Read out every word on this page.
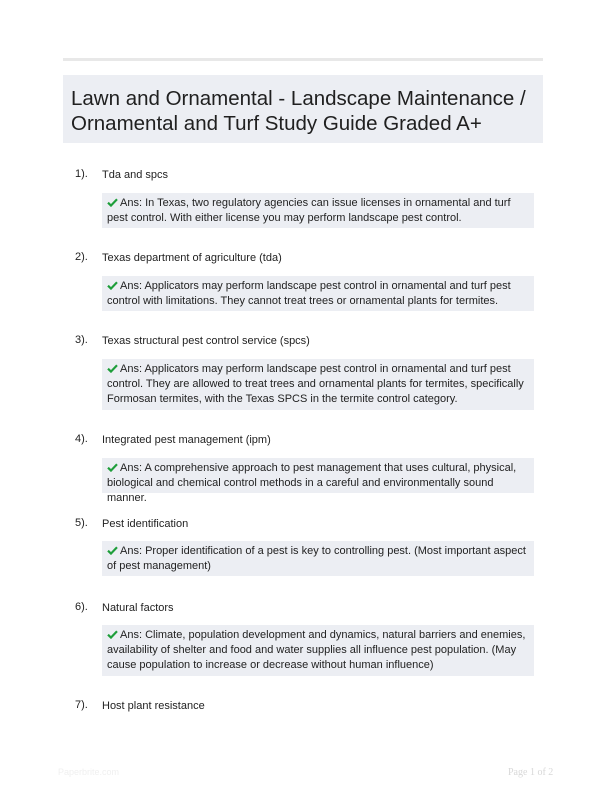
Lawn and Ornamental - Landscape Maintenance / Ornamental and Turf Study Guide Graded A+
1). Tda and spcs
Ans: In Texas, two regulatory agencies can issue licenses in ornamental and turf pest control. With either license you may perform landscape pest control.
2). Texas department of agriculture (tda)
Ans: Applicators may perform landscape pest control in ornamental and turf pest control with limitations. They cannot treat trees or ornamental plants for termites.
3). Texas structural pest control service (spcs)
Ans: Applicators may perform landscape pest control in ornamental and turf pest control. They are allowed to treat trees and ornamental plants for termites, specifically Formosan termites, with the Texas SPCS in the termite control category.
4). Integrated pest management (ipm)
Ans: A comprehensive approach to pest management that uses cultural, physical, biological and chemical control methods in a careful and environmentally sound manner.
5). Pest identification
Ans: Proper identification of a pest is key to controlling pest. (Most important aspect of pest management)
6). Natural factors
Ans: Climate, population development and dynamics, natural barriers and enemies, availability of shelter and food and water supplies all influence pest population. (May cause population to increase or decrease without human influence)
7). Host plant resistance
Paperbrite.com	Page 1 of 2
